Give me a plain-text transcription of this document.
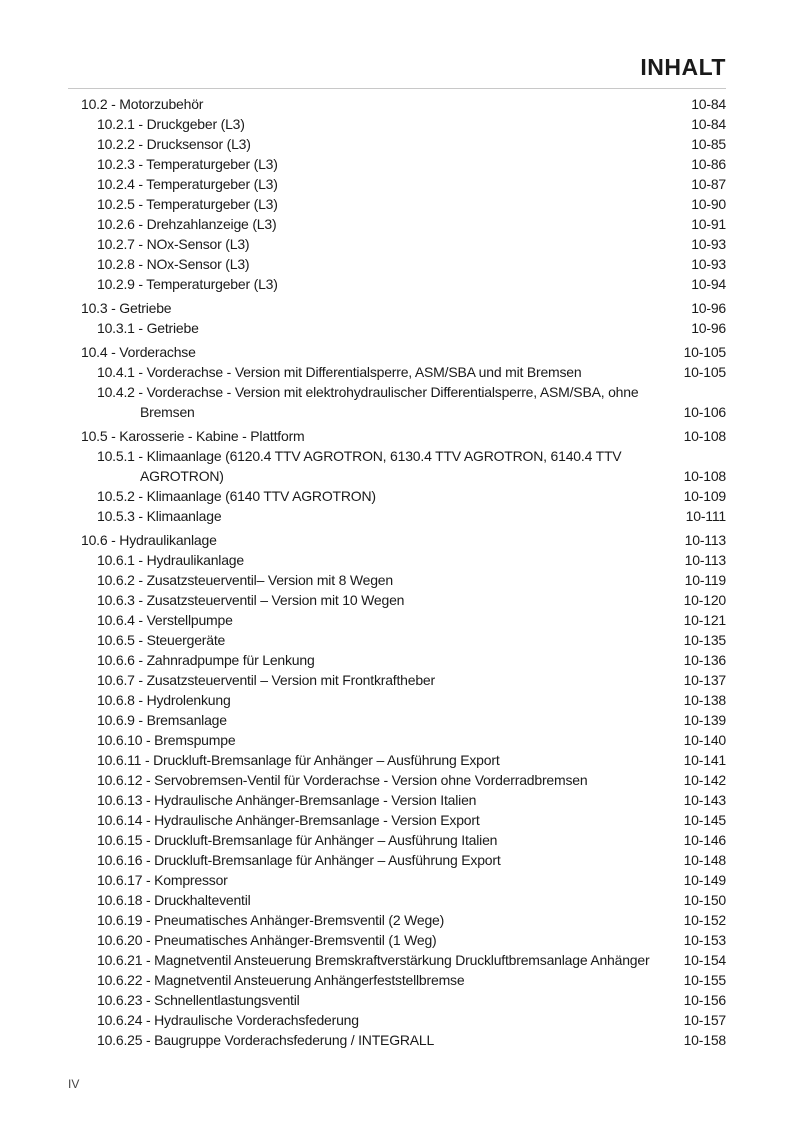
INHALT
10.2 - Motorzubehör	10-84
10.2.1 - Druckgeber (L3)	10-84
10.2.2 - Drucksensor (L3)	10-85
10.2.3 - Temperaturgeber (L3)	10-86
10.2.4 - Temperaturgeber (L3)	10-87
10.2.5 - Temperaturgeber (L3)	10-90
10.2.6 - Drehzahlanzeige (L3)	10-91
10.2.7 - NOx-Sensor (L3)	10-93
10.2.8 - NOx-Sensor (L3)	10-93
10.2.9 - Temperaturgeber (L3)	10-94
10.3 - Getriebe	10-96
10.3.1 - Getriebe	10-96
10.4 - Vorderachse	10-105
10.4.1 - Vorderachse - Version mit Differentialsperre, ASM/SBA und mit Bremsen	10-105
10.4.2 - Vorderachse - Version mit elektrohydraulischer Differentialsperre, ASM/SBA, ohne
Bremsen	10-106
10.5 - Karosserie - Kabine - Plattform	10-108
10.5.1 - Klimaanlage (6120.4 TTV AGROTRON, 6130.4 TTV AGROTRON, 6140.4 TTV
AGROTRON)	10-108
10.5.2 - Klimaanlage (6140 TTV AGROTRON)	10-109
10.5.3 - Klimaanlage	10-111
10.6 - Hydraulikanlage	10-113
10.6.1 - Hydraulikanlage	10-113
10.6.2 - Zusatzsteuerventil– Version mit 8 Wegen	10-119
10.6.3 - Zusatzsteuerventil – Version mit 10 Wegen	10-120
10.6.4 - Verstellpumpe	10-121
10.6.5 - Steuergeräte	10-135
10.6.6 - Zahnradpumpe für Lenkung	10-136
10.6.7 - Zusatzsteuerventil – Version mit Frontkraftheber	10-137
10.6.8 - Hydrolenkung	10-138
10.6.9 - Bremsanlage	10-139
10.6.10 - Bremspumpe	10-140
10.6.11 - Druckluft-Bremsanlage für Anhänger – Ausführung Export	10-141
10.6.12 - Servobremsen-Ventil für Vorderachse - Version ohne Vorderradbremsen	10-142
10.6.13 - Hydraulische Anhänger-Bremsanlage - Version Italien	10-143
10.6.14 - Hydraulische Anhänger-Bremsanlage - Version Export	10-145
10.6.15 - Druckluft-Bremsanlage für Anhänger – Ausführung Italien	10-146
10.6.16 - Druckluft-Bremsanlage für Anhänger – Ausführung Export	10-148
10.6.17 - Kompressor	10-149
10.6.18 - Druckhalteventil	10-150
10.6.19 - Pneumatisches Anhänger-Bremsventil (2 Wege)	10-152
10.6.20 - Pneumatisches Anhänger-Bremsventil (1 Weg)	10-153
10.6.21 - Magnetventil Ansteuerung Bremskraftverstärkung Druckluftbremsanlage Anhänger	10-154
10.6.22 - Magnetventil Ansteuerung Anhängerfeststellbremse	10-155
10.6.23 - Schnellentlastungsventil	10-156
10.6.24 - Hydraulische Vorderachsfederung	10-157
10.6.25 - Baugruppe Vorderachsfederung / INTEGRALL	10-158
IV
